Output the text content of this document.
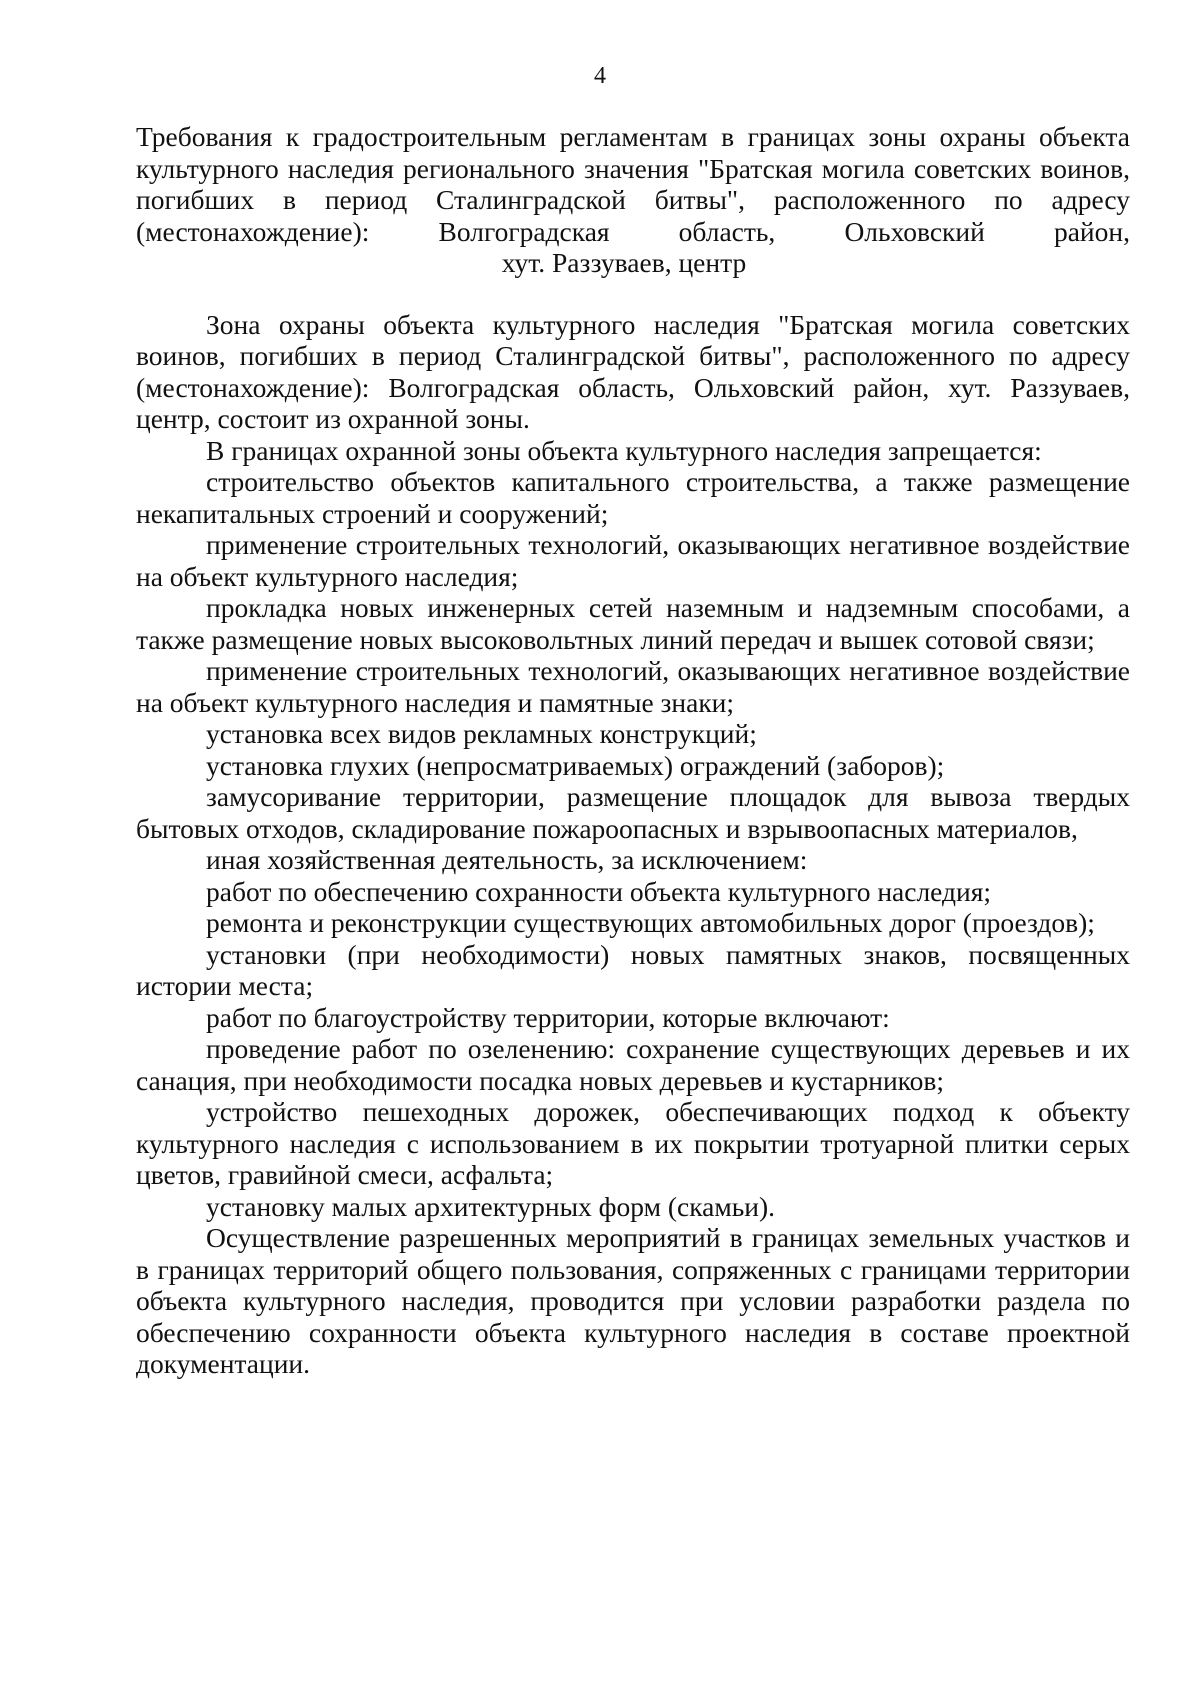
4

Требования к градостроительным регламентам в границах зоны охраны объекта

культурного наследия регионального значения "Братская могила советских воинов,

погибших в период Сталинградской битвы", расположенного по адресу

(местонахождение): Волгоградская область, Ольховский район,

хут. Раззуваев, центр

Зона охраны объекта культурного наследия "Братская могила советских воинов, погибших в период Сталинградской битвы", расположенного по адресу (местонахождение): Волгоградская область, Ольховский район, хут. Раззуваев, центр, состоит из охранной зоны.

В границах охранной зоны объекта культурного наследия запрещается:

строительство объектов капитального строительства, а также размещение некапитальных строений и сооружений;

применение строительных технологий, оказывающих негативное воздействие на объект культурного наследия;

прокладка новых инженерных сетей наземным и надземным способами, а также размещение новых высоковольтных линий передач и вышек сотовой связи;

применение строительных технологий, оказывающих негативное воздействие на объект культурного наследия и памятные знаки;

установка всех видов рекламных конструкций;

установка глухих (непросматриваемых) ограждений (заборов);

замусоривание территории, размещение площадок для вывоза твердых бытовых отходов, складирование пожароопасных и взрывоопасных материалов,

иная хозяйственная деятельность, за исключением:

работ по обеспечению сохранности объекта культурного наследия;

ремонта и реконструкции существующих автомобильных дорог (проездов);

установки (при необходимости) новых памятных знаков, посвященных истории места;

работ по благоустройству территории, которые включают:

проведение работ по озеленению: сохранение существующих деревьев и их санация, при необходимости посадка новых деревьев и кустарников;

устройство пешеходных дорожек, обеспечивающих подход к объекту культурного наследия с использованием в их покрытии тротуарной плитки серых цветов, гравийной смеси, асфальта;

установку малых архитектурных форм (скамьи).

Осуществление разрешенных мероприятий в границах земельных участков и в границах территорий общего пользования, сопряженных с границами территории объекта культурного наследия, проводится при условии разработки раздела по обеспечению сохранности объекта культурного наследия в составе проектной документации.
